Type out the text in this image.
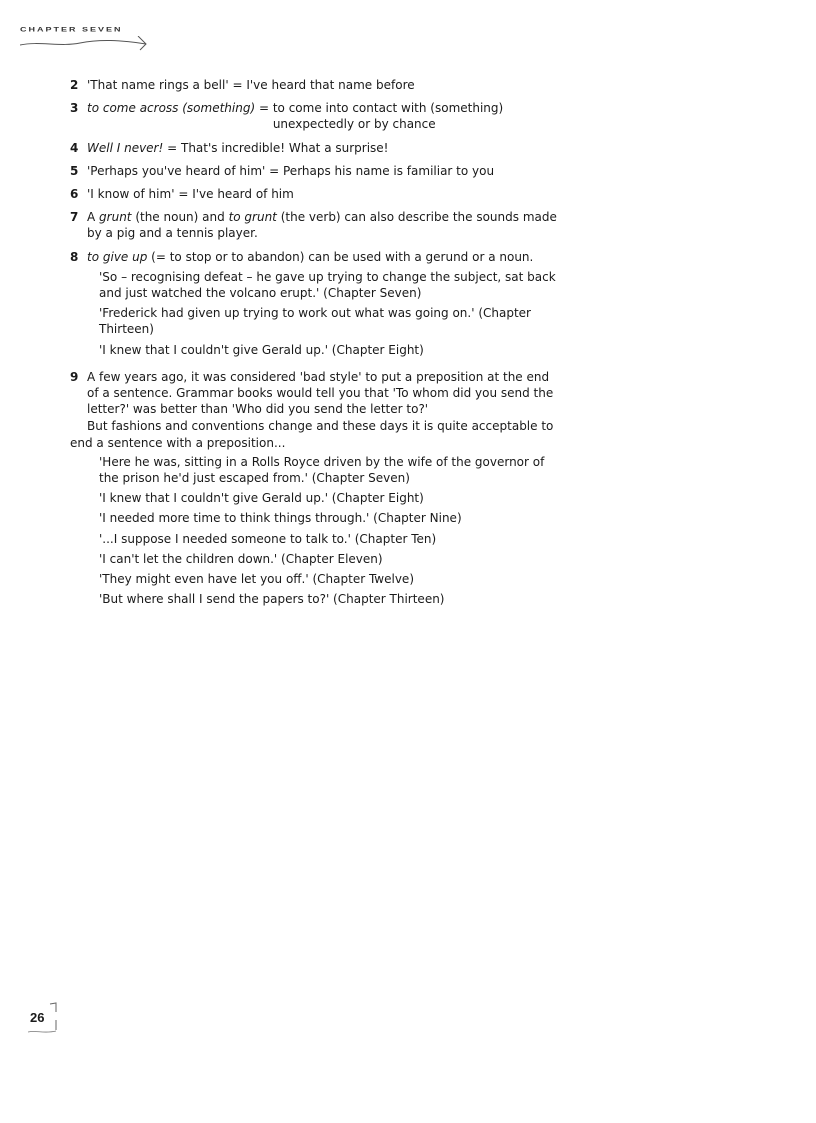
CHAPTER SEVEN
2 'That name rings a bell' = I've heard that name before
3 to come across (something) = to come into contact with (something) unexpectedly or by chance
4 Well I never! = That's incredible! What a surprise!
5 'Perhaps you've heard of him' = Perhaps his name is familiar to you
6 'I know of him' = I've heard of him
7 A grunt (the noun) and to grunt (the verb) can also describe the sounds made by a pig and a tennis player.
8 to give up (= to stop or to abandon) can be used with a gerund or a noun.
'So – recognising defeat – he gave up trying to change the subject, sat back and just watched the volcano erupt.' (Chapter Seven)
'Frederick had given up trying to work out what was going on.' (Chapter Thirteen)
'I knew that I couldn't give Gerald up.' (Chapter Eight)
9 A few years ago, it was considered 'bad style' to put a preposition at the end of a sentence. Grammar books would tell you that 'To whom did you send the letter?' was better than 'Who did you send the letter to?'
But fashions and conventions change and these days it is quite acceptable to end a sentence with a preposition...
'Here he was, sitting in a Rolls Royce driven by the wife of the governor of the prison he'd just escaped from.' (Chapter Seven)
'I knew that I couldn't give Gerald up.' (Chapter Eight)
'I needed more time to think things through.' (Chapter Nine)
'...I suppose I needed someone to talk to.' (Chapter Ten)
'I can't let the children down.' (Chapter Eleven)
'They might even have let you off.' (Chapter Twelve)
'But where shall I send the papers to?' (Chapter Thirteen)
26
